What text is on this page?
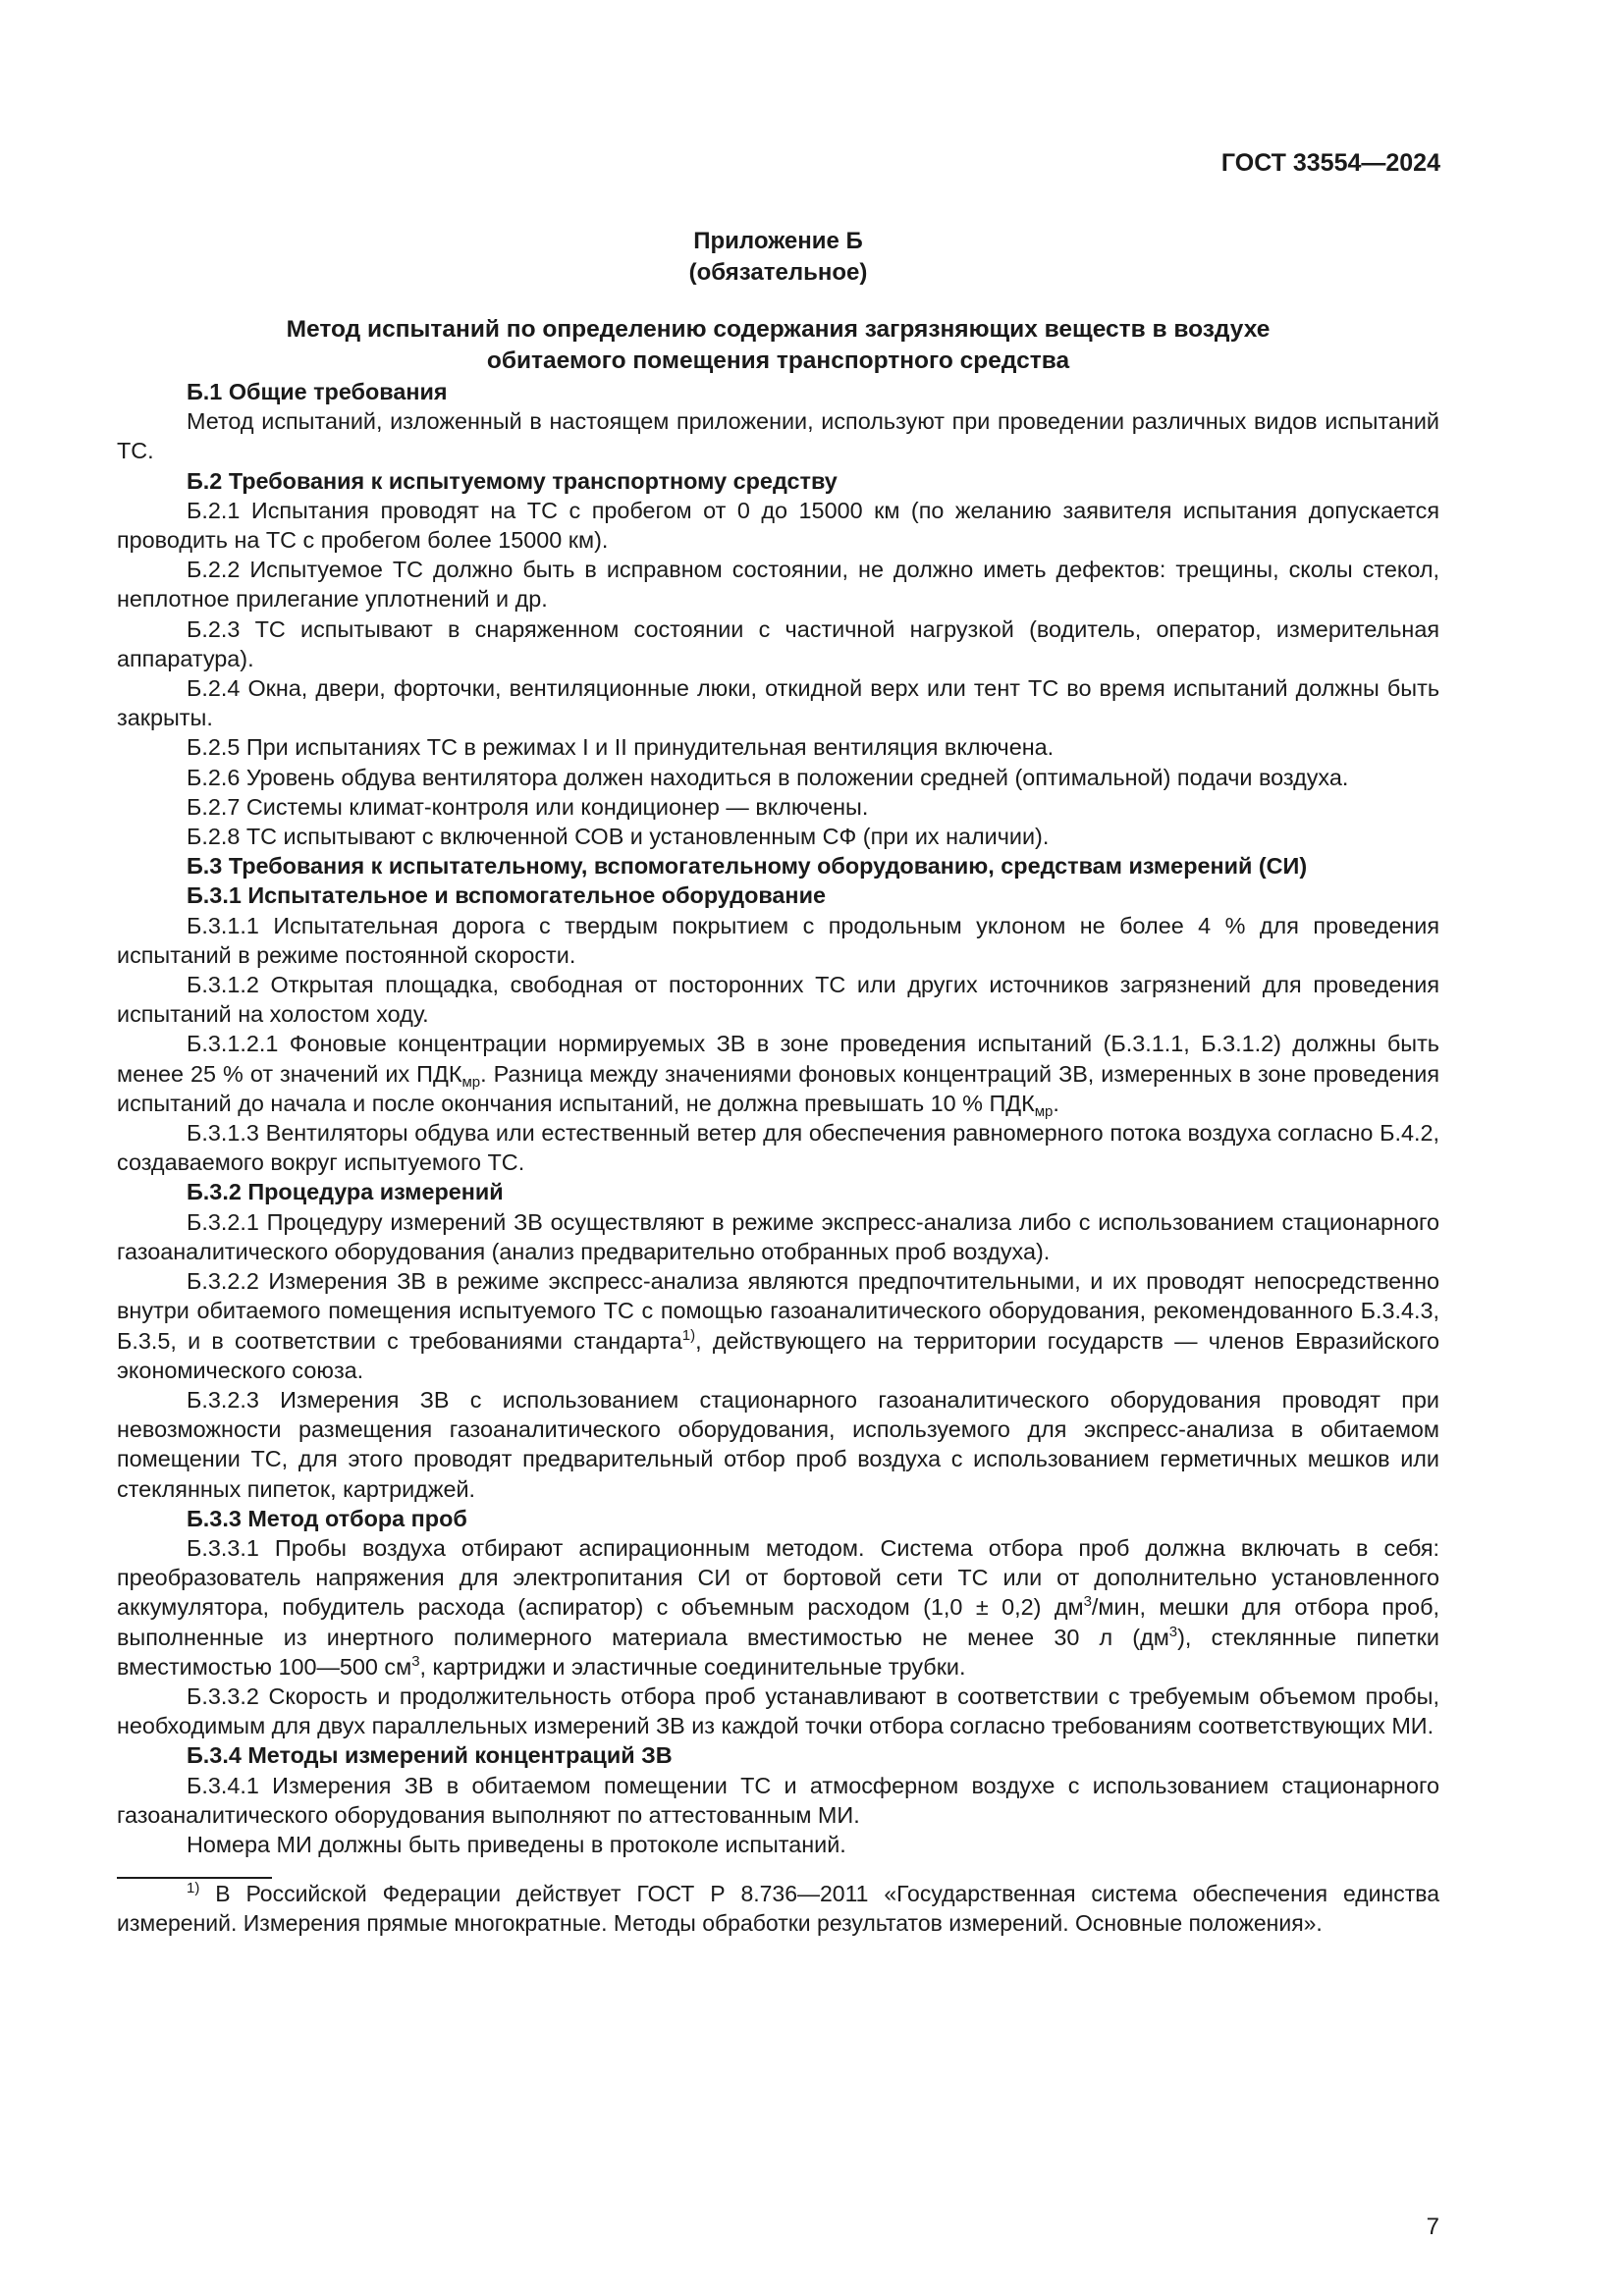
ГОСТ 33554—2024
Приложение Б
(обязательное)
Метод испытаний по определению содержания загрязняющих веществ в воздухе
обитаемого помещения транспортного средства
Б.1 Общие требования

Метод испытаний, изложенный в настоящем приложении, используют при проведении различных видов испытаний ТС.

Б.2 Требования к испытуемому транспортному средству

Б.2.1 Испытания проводят на ТС с пробегом от 0 до 15000 км (по желанию заявителя испытания допускается проводить на ТС с пробегом более 15000 км).

Б.2.2 Испытуемое ТС должно быть в исправном состоянии, не должно иметь дефектов: трещины, сколы стекол, неплотное прилегание уплотнений и др.

Б.2.3 ТС испытывают в снаряженном состоянии с частичной нагрузкой (водитель, оператор, измерительная аппаратура).

Б.2.4 Окна, двери, форточки, вентиляционные люки, откидной верх или тент ТС во время испытаний должны быть закрыты.

Б.2.5 При испытаниях ТС в режимах I и II принудительная вентиляция включена.

Б.2.6 Уровень обдува вентилятора должен находиться в положении средней (оптимальной) подачи воздуха.

Б.2.7 Системы климат-контроля или кондиционер — включены.

Б.2.8 ТС испытывают с включенной СОВ и установленным СФ (при их наличии).

Б.3 Требования к испытательному, вспомогательному оборудованию, средствам измерений (СИ)
Б.3.1 Испытательное и вспомогательное оборудование

Б.3.1.1 Испытательная дорога с твердым покрытием с продольным уклоном не более 4 % для проведения испытаний в режиме постоянной скорости.

Б.3.1.2 Открытая площадка, свободная от посторонних ТС или других источников загрязнений для проведения испытаний на холостом ходу.

Б.3.1.2.1 Фоновые концентрации нормируемых ЗВ в зоне проведения испытаний (Б.3.1.1, Б.3.1.2) должны быть менее 25 % от значений их $ПДК_{мр}$. Разница между значениями фоновых концентраций ЗВ, измеренных в зоне проведения испытаний до начала и после окончания испытаний, не должна превышать 10 % $ПДК_{мр}$.

Б.3.1.3 Вентиляторы обдува или естественный ветер для обеспечения равномерного потока воздуха согласно Б.4.2, создаваемого вокруг испытуемого ТС.

Б.3.2 Процедура измерений

Б.3.2.1 Процедуру измерений ЗВ осуществляют в режиме экспресс-анализа либо с использованием стационарного газоаналитического оборудования (анализ предварительно отобранных проб воздуха).

Б.3.2.2 Измерения ЗВ в режиме экспресс-анализа являются предпочтительными, и их проводят непосредственно внутри обитаемого помещения испытуемого ТС с помощью газоаналитического оборудования, рекомендованного Б.3.4.3, Б.3.5, и в соответствии с требованиями стандарта$^{1)}$, действующего на территории государств — членов Евразийского экономического союза.

Б.3.2.3 Измерения ЗВ с использованием стационарного газоаналитического оборудования проводят при невозможности размещения газоаналитического оборудования, используемого для экспресс-анализа в обитаемом помещении ТС, для этого проводят предварительный отбор проб воздуха с использованием герметичных мешков или стеклянных пипеток, картриджей.

Б.3.3 Метод отбора проб

Б.3.3.1 Пробы воздуха отбирают аспирационным методом. Система отбора проб должна включать в себя: преобразователь напряжения для электропитания СИ от бортовой сети ТС или от дополнительно установленного аккумулятора, побудитель расхода (аспиратор) с объемным расходом (1,0 ± 0,2) $дм^3$/мин, мешки для отбора проб, выполненные из инертного полимерного материала вместимостью не менее 30 л $(дм^3)$, стеклянные пипетки вместимостью 100—500 $см^3$, картриджи и эластичные соединительные трубки.

Б.3.3.2 Скорость и продолжительность отбора проб устанавливают в соответствии с требуемым объемом пробы, необходимым для двух параллельных измерений ЗВ из каждой точки отбора согласно требованиям соответствующих МИ.

Б.3.4 Методы измерений концентраций ЗВ

Б.3.4.1 Измерения ЗВ в обитаемом помещении ТС и атмосферном воздухе с использованием стационарного газоаналитического оборудования выполняют по аттестованным МИ.

Номера МИ должны быть приведены в протоколе испытаний.

$^{1)}$ В Российской Федерации действует ГОСТ Р 8.736—2011 «Государственная система обеспечения единства измерений. Измерения прямые многократные. Методы обработки результатов измерений. Основные положения».

7
